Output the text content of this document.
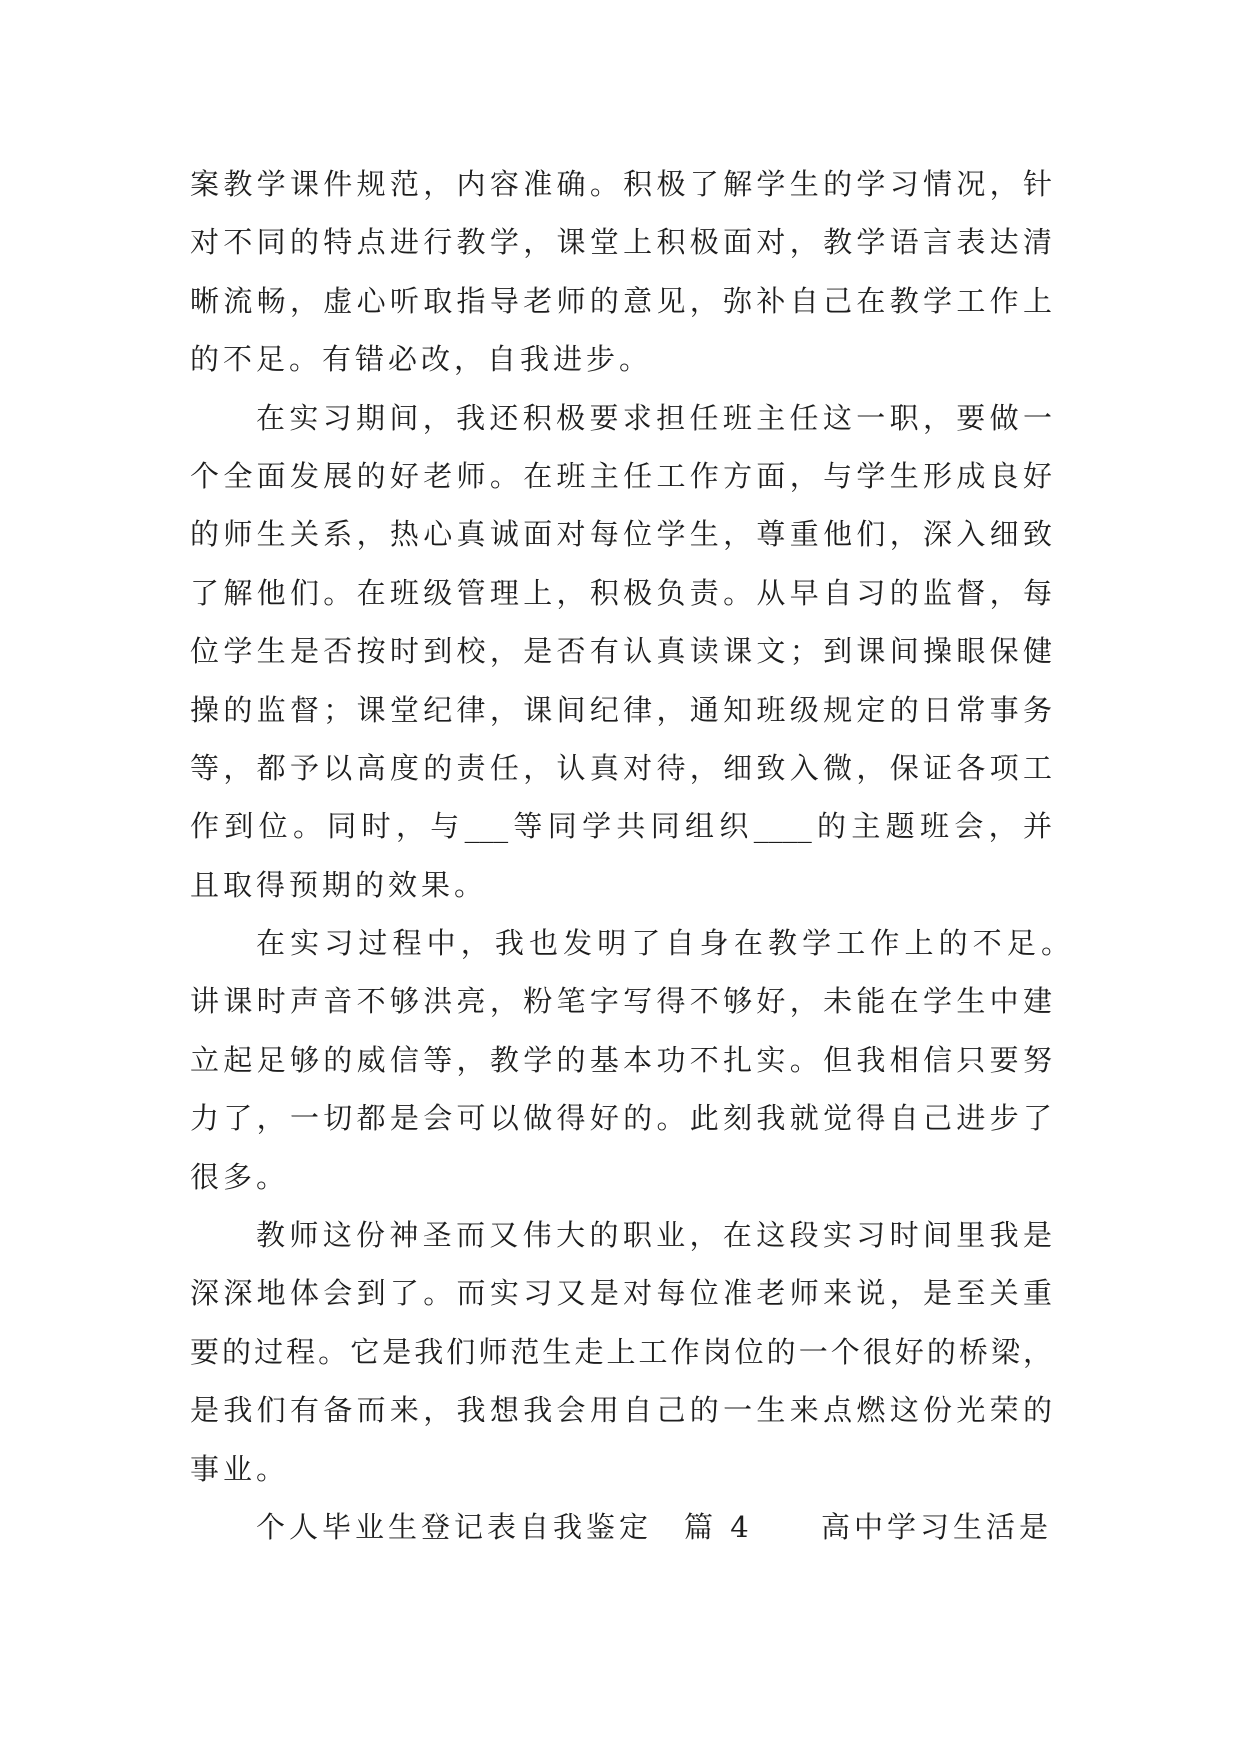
案教学课件规范，内容准确。积极了解学生的学习情况，针
对不同的特点进行教学，课堂上积极面对，教学语言表达清
晰流畅，虚心听取指导老师的意见，弥补自己在教学工作上
的不足。有错必改，自我进步。
在实习期间，我还积极要求担任班主任这一职，要做一
个全面发展的好老师。在班主任工作方面，与学生形成良好
的师生关系，热心真诚面对每位学生，尊重他们，深入细致
了解他们。在班级管理上，积极负责。从早自习的监督，每
位学生是否按时到校，是否有认真读课文；到课间操眼保健
操的监督；课堂纪律，课间纪律，通知班级规定的日常事务
等，都予以高度的责任，认真对待，细致入微，保证各项工
作到位。同时，与___等同学共同组织____的主题班会，并
且取得预期的效果。
在实习过程中，我也发明了自身在教学工作上的不足。
讲课时声音不够洪亮，粉笔字写得不够好，未能在学生中建
立起足够的威信等，教学的基本功不扎实。但我相信只要努
力了，一切都是会可以做得好的。此刻我就觉得自己进步了
很多。
教师这份神圣而又伟大的职业，在这段实习时间里我是
深深地体会到了。而实习又是对每位准老师来说，是至关重
要的过程。它是我们师范生走上工作岗位的一个很好的桥梁，
是我们有备而来，我想我会用自己的一生来点燃这份光荣的
事业。
个人毕业生登记表自我鉴定 篇 4 高中学习生活是
